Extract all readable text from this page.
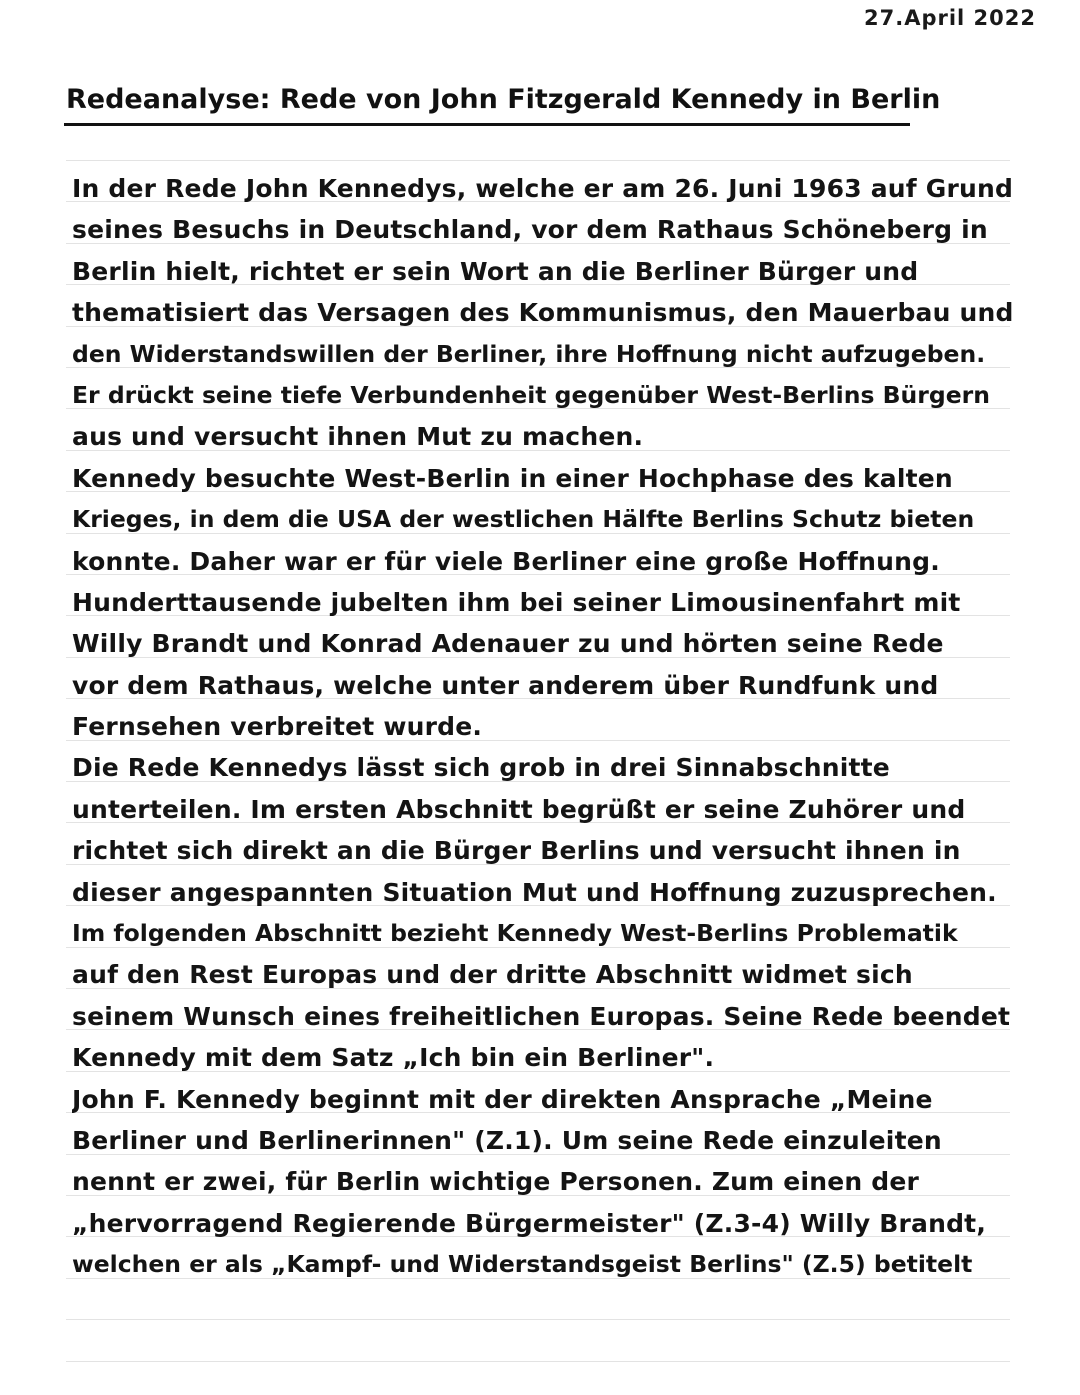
27.April 2022
Redeanalyse: Rede von John Fitzgerald Kennedy in Berlin
In der Rede John Kennedys, welche er am 26. Juni 1963 auf Grund
seines Besuchs in Deutschland, vor dem Rathaus Schöneberg in
Berlin hielt, richtet er sein Wort an die Berliner Bürger und
thematisiert das Versagen des Kommunismus, den Mauerbau und
den Widerstandswillen der Berliner, ihre Hoffnung nicht aufzugeben.
Er drückt seine tiefe Verbundenheit gegenüber West-Berlins Bürgern
aus und versucht ihnen Mut zu machen.
Kennedy besuchte West-Berlin in einer Hochphase des kalten
Krieges, in dem die USA der westlichen Hälfte Berlins Schutz bieten
konnte. Daher war er für viele Berliner eine große Hoffnung.
Hunderttausende jubelten ihm bei seiner Limousinenfahrt mit
Willy Brandt und Konrad Adenauer zu und hörten seine Rede
vor dem Rathaus, welche unter anderem über Rundfunk und
Fernsehen verbreitet wurde.
Die Rede Kennedys lässt sich grob in drei Sinnabschnitte
unterteilen. Im ersten Abschnitt begrüßt er seine Zuhörer und
richtet sich direkt an die Bürger Berlins und versucht ihnen in
dieser angespannten Situation Mut und Hoffnung zuzusprechen.
Im folgenden Abschnitt bezieht Kennedy West-Berlins Problematik
auf den Rest Europas und der dritte Abschnitt widmet sich
seinem Wunsch eines freiheitlichen Europas. Seine Rede beendet
Kennedy mit dem Satz „Ich bin ein Berliner".
John F. Kennedy beginnt mit der direkten Ansprache „Meine
Berliner und Berlinerinnen" (Z.1). Um seine Rede einzuleiten
nennt er zwei, für Berlin wichtige Personen. Zum einen der
„hervorragend Regierende Bürgermeister" (Z.3-4) Willy Brandt,
welchen er als „Kampf- und Widerstandsgeist Berlins" (Z.5) betitelt
